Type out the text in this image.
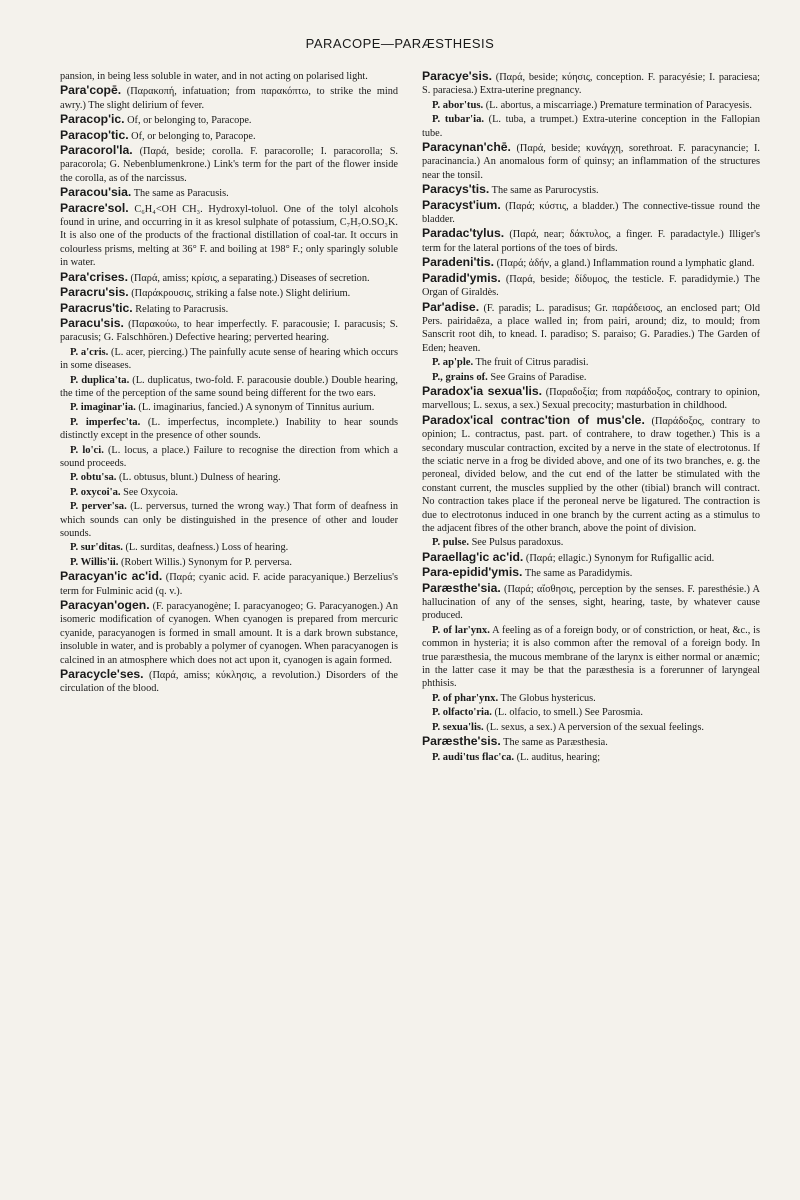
PARACOPE—PARÆSTHESIS

pansion, in being less soluble in water, and in not acting on polarised light.

Para'copē. (Παρακοπή, infatuation; from παρακόπτω, to strike the mind awry.) The slight delirium of fever.

Paracop'ic. Of, or belonging to, Paracope.

Paracop'tic. Of, or belonging to, Paracope.

Paracorol'la. (Παρά, beside; corolla. F. paracorolle; I. paracorolla; S. paracorola; G. Nebenblumenkrone.) Link's term for the part of the flower inside the corolla, as of the narcissus.

Paracou'sia. The same as Paracusis.

Paracre'sol. C₆H₄<OH CH₃. Hydroxyl-toluol. One of the tolyl alcohols found in urine, and occurring in it as kresol sulphate of potassium, C₇H₇O.SO₃K. It is also one of the products of the fractional distillation of coal-tar. It occurs in colourless prisms, melting at 36° F. and boiling at 198° F.; only sparingly soluble in water.

Para'crises. (Παρά, amiss; κρίσις, a separating.) Diseases of secretion.

Paracru'sis. (Παράκρουσις, striking a false note.) Slight delirium.

Paracrus'tic. Relating to Paracrusis.

Paracu'sis. (Παρακούω, to hear imperfectly. F. paracousie; I. paracusis; S. paracusis; G. Falschhören.) Defective hearing; perverted hearing.

P. a'cris. (L. acer, piercing.) The painfully acute sense of hearing which occurs in some diseases.

P. duplica'ta. (L. duplicatus, two-fold. F. paracousie double.) Double hearing, the time of the perception of the same sound being different for the two ears.

P. imaginar'ia. (L. imaginarius, fancied.) A synonym of Tinnitus aurium.

P. imperfec'ta. (L. imperfectus, incomplete.) Inability to hear sounds distinctly except in the presence of other sounds.

P. lo'ci. (L. locus, a place.) Failure to recognise the direction from which a sound proceeds.

P. obtu'sa. (L. obtusus, blunt.) Dulness of hearing.

P. oxycoi'a. See Oxycoia.

P. perver'sa. (L. perversus, turned the wrong way.) That form of deafness in which sounds can only be distinguished in the presence of other and louder sounds.

P. sur'ditas. (L. surditas, deafness.) Loss of hearing.

P. Willis'ii. (Robert Willis.) Synonym for P. perversa.

Paracyan'ic ac'id. (Παρά; cyanic acid. F. acide paracyanique.) Berzelius's term for Fulminic acid (q. v.).

Paracyan'ogen. (F. paracyanogène; I. paracyanogeo; G. Paracyanogen.) An isomeric modification of cyanogen. When cyanogen is prepared from mercuric cyanide, paracyanogen is formed in small amount. It is a dark brown substance, insoluble in water, and is probably a polymer of cyanogen. When paracyanogen is calcined in an atmosphere which does not act upon it, cyanogen is again formed.

Paracycle'ses. (Παρά, amiss; κύκλησις, a revolution.) Disorders of the circulation of the blood.

Paracye'sis. (Παρά, beside; κύησις, conception. F. paracyésie; I. paraciesa; S. paraciesa.) Extra-uterine pregnancy.

P. abor'tus. (L. abortus, a miscarriage.) Premature termination of Paracyesis.

P. tubar'ia. (L. tuba, a trumpet.) Extra-uterine conception in the Fallopian tube.

Paracynan'chē. (Παρά, beside; κυνάγχη, sorethroat. F. paracynancie; I. paracinancia.) An anomalous form of quinsy; an inflammation of the structures near the tonsil.

Paracys'tis. The same as Parurocystis.

Paracyst'ium. (Παρά; κύστις, a bladder.) The connective-tissue round the bladder.

Paradac'tylus. (Παρά, near; δάκτυλος, a finger. F. paradactyle.) Illiger's term for the lateral portions of the toes of birds.

Paradeni'tis. (Παρά; ἀδήν, a gland.) Inflammation round a lymphatic gland.

Paradid'ymis. (Παρά, beside; δίδυμος, the testicle. F. paradidymie.) The Organ of Giraldès.

Par'adise. (F. paradis; L. paradisus; Gr. παράδεισος, an enclosed part; Old Pers. pairidaêza, a place walled in; from pairi, around; diz, to mould; from Sanscrit root dih, to knead. I. paradiso; S. paraiso; G. Paradies.) The Garden of Eden; heaven.

P. ap'ple. The fruit of Citrus paradisi.

P., grains of. See Grains of Paradise.

Paradox'ia sexua'lis. (Παραδοξία; from παράδοξος, contrary to opinion, marvellous; L. sexus, a sex.) Sexual precocity; masturbation in childhood.

Paradox'ical contrac'tion of mus'cle. (Παράδοξος, contrary to opinion; L. contractus, past. part. of contrahere, to draw together.) This is a secondary muscular contraction, excited by a nerve in the state of electrotonus. If the sciatic nerve in a frog be divided above, and one of its two branches, e. g. the peroneal, divided below, and the cut end of the latter be stimulated with the constant current, the muscles supplied by the other (tibial) branch will contract. No contraction takes place if the peroneal nerve be ligatured. The contraction is due to electrotonus induced in one branch by the current acting as a stimulus to the adjacent fibres of the other branch, above the point of division.

P. pulse. See Pulsus paradoxus.

Paraellag'ic ac'id. (Παρά; ellagic.) Synonym for Rufigallic acid.

Para-epidid'ymis. The same as Paradidymis.

Paræsthe'sia. (Παρά; αἴσθησις, perception by the senses. F. paresthésie.) A hallucination of any of the senses, sight, hearing, taste, by whatever cause produced.

P. of lar'ynx. A feeling as of a foreign body, or of constriction, or heat, &c., is common in hysteria; it is also common after the removal of a foreign body. In true paræsthesia, the mucous membrane of the larynx is either normal or anæmic; in the latter case it may be that the paræsthesia is a forerunner of laryngeal phthisis.

P. of phar'ynx. The Globus hystericus.

P. olfacto'ria. (L. olfacio, to smell.) See Parosmia.

P. sexua'lis. (L. sexus, a sex.) A perversion of the sexual feelings.

Paræsthe'sis. The same as Paræsthesia.

P. audi'tus flac'ca. (L. auditus, hearing;
